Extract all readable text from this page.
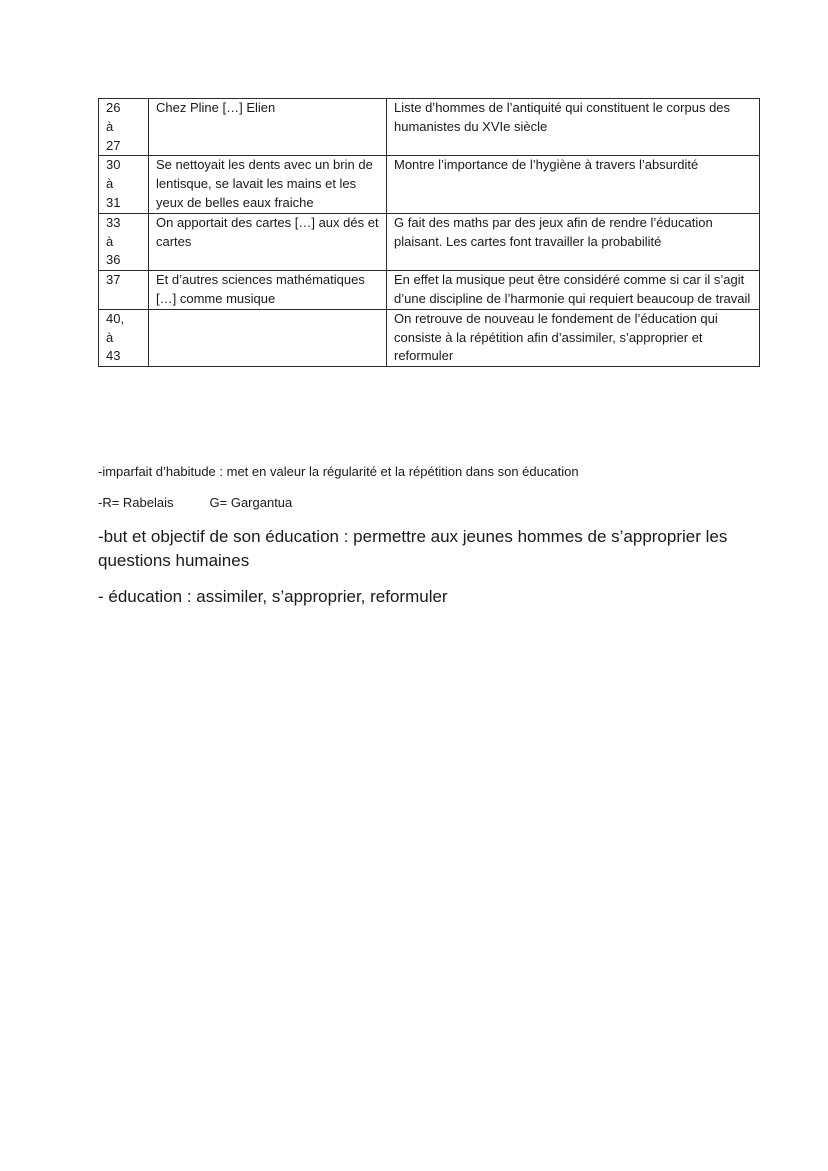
26
à
27	Chez Pline […] Elien	Liste d’hommes de l’antiquité qui constituent le corpus des humanistes du XVIe siècle

30
à
31	Se nettoyait les dents avec un brin de lentisque, se lavait les mains et les yeux de belles eaux fraiche	Montre l’importance de l’hygiène à travers l’absurdité

33
à
36	On apportait des cartes […] aux dés et cartes	G fait des maths par des jeux afin de rendre l’éducation plaisant. Les cartes font travailler la probabilité

37	Et d’autres sciences mathématiques […] comme musique	En effet la musique peut être considéré comme si car il s’agit d’une discipline de l’harmonie qui requiert beaucoup de travail

40,
à
43		On retrouve de nouveau le fondement de l’éducation qui consiste à la répétition afin d’assimiler, s’approprier et reformuler

-imparfait d’habitude : met en valeur la régularité et la répétition dans son éducation

-R= Rabelais	G= Gargantua

-but et objectif de son éducation : permettre aux jeunes hommes de s’approprier les questions humaines

- éducation : assimiler, s’approprier, reformuler
